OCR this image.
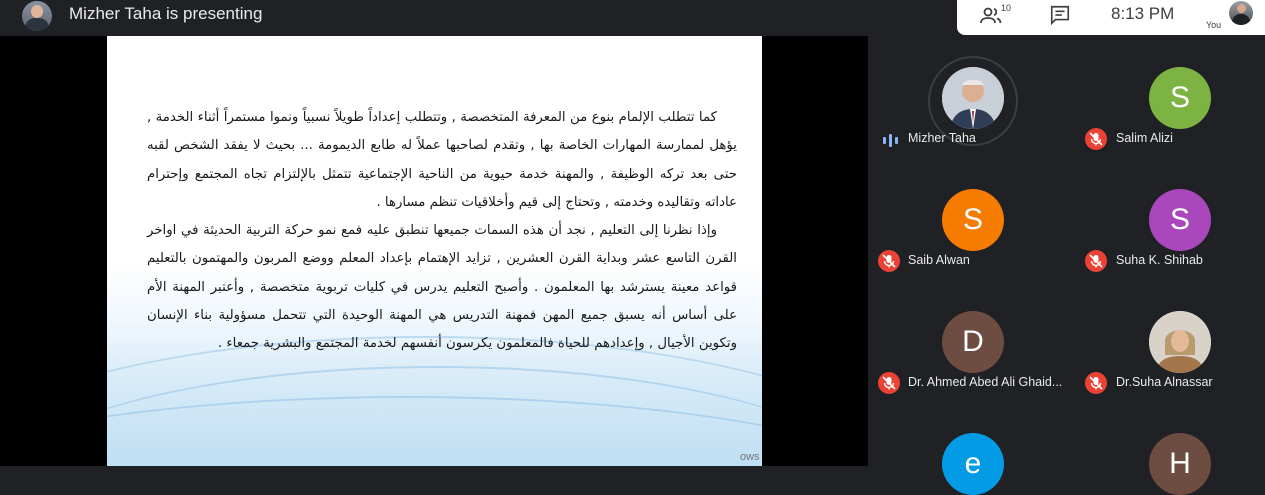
Mizher Taha is presenting	10	8:13 PM
You

كما تتطلب الإلمام بنوع من المعرفة المتخصصة , وتتطلب إعداداً طويلاً نسبياً ونموا مستمراً أثناء الخدمة , يؤهل لممارسة المهارات الخاصة بها , وتقدم لصاحبها عملاً له طابع الديمومة ... بحيث لا يفقد الشخص لقبه حتى بعد تركه الوظيفة , والمهنة خدمة حيوية من الناحية الإجتماعية تتمثل بالإلتزام تجاه المجتمع وإحترام عاداته وتقاليده وخدمته , وتحتاج إلى قيم وأخلاقيات تنظم مسارها .

وإذا نظرنا إلى التعليم , نجد أن هذه السمات جميعها تنطبق عليه فمع نمو حركة التربية الحديثة في اواخر القرن التاسع عشر وبداية القرن العشرين , تزايد الإهتمام بإعداد المعلم ووضع المربون والمهتمون بالتعليم قواعد معينة يسترشد بها المعلمون . وأصبح التعليم يدرس في كليات تربوية متخصصة , وأعتبر المهنة الأم على أساس أنه يسبق جميع المهن فمهنة التدريس هي المهنة الوحيدة التي تتحمل مسؤولية بناء الإنسان وتكوين الأجيال , وإعدادهم للحياة فالمعلمون يكرسون أنفسهم لخدمة المجتمع والبشرية جمعاء .

ows
Mizher Taha
S
Salim Alizi
S
Saib Alwan
S
Suha K. Shihab
D
Dr. Ahmed Abed Ali Ghaid...	Dr.Suha Alnassar
e	H
